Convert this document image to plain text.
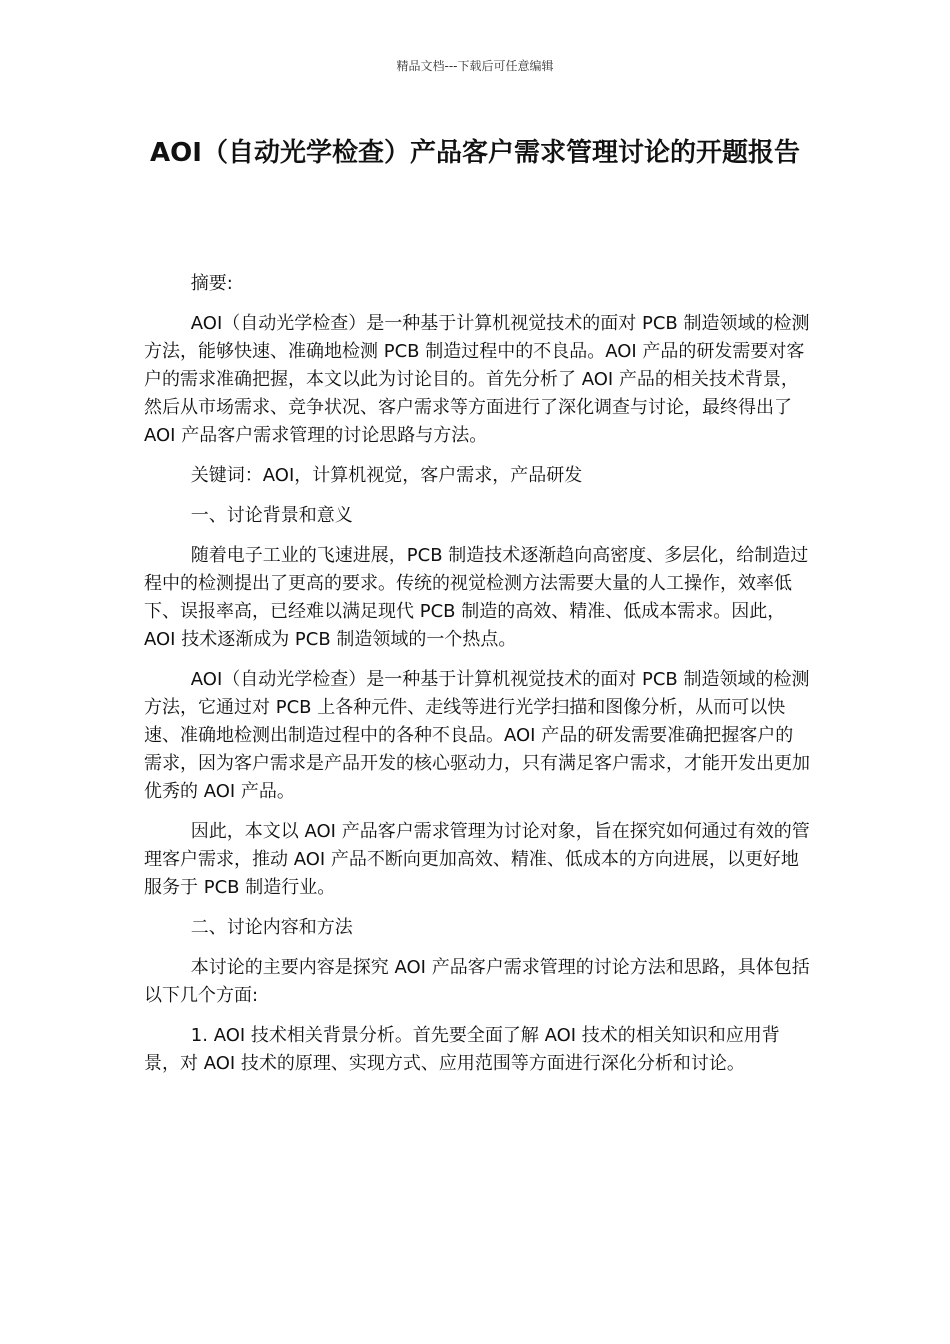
精品文档---下载后可任意编辑
AOI（自动光学检查）产品客户需求管理讨论的开题报告

摘要:

AOI（自动光学检查）是一种基于计算机视觉技术的面对 PCB 制造领域的检测方法，能够快速、准确地检测 PCB 制造过程中的不良品。AOI 产品的研发需要对客户的需求准确把握，本文以此为讨论目的。首先分析了 AOI 产品的相关技术背景，然后从市场需求、竞争状况、客户需求等方面进行了深化调查与讨论，最终得出了 AOI 产品客户需求管理的讨论思路与方法。

关键词：AOI，计算机视觉，客户需求，产品研发

一、讨论背景和意义

随着电子工业的飞速进展，PCB 制造技术逐渐趋向高密度、多层化，给制造过程中的检测提出了更高的要求。传统的视觉检测方法需要大量的人工操作，效率低下、误报率高，已经难以满足现代 PCB 制造的高效、精准、低成本需求。因此，AOI 技术逐渐成为 PCB 制造领域的一个热点。

AOI（自动光学检查）是一种基于计算机视觉技术的面对 PCB 制造领域的检测方法，它通过对 PCB 上各种元件、走线等进行光学扫描和图像分析，从而可以快速、准确地检测出制造过程中的各种不良品。AOI 产品的研发需要准确把握客户的需求，因为客户需求是产品开发的核心驱动力，只有满足客户需求，才能开发出更加优秀的 AOI 产品。

因此，本文以 AOI 产品客户需求管理为讨论对象，旨在探究如何通过有效的管理客户需求，推动 AOI 产品不断向更加高效、精准、低成本的方向进展，以更好地服务于 PCB 制造行业。

二、讨论内容和方法

本讨论的主要内容是探究 AOI 产品客户需求管理的讨论方法和思路，具体包括以下几个方面:

1. AOI 技术相关背景分析。首先要全面了解 AOI 技术的相关知识和应用背景，对 AOI 技术的原理、实现方式、应用范围等方面进行深化分析和讨论。
